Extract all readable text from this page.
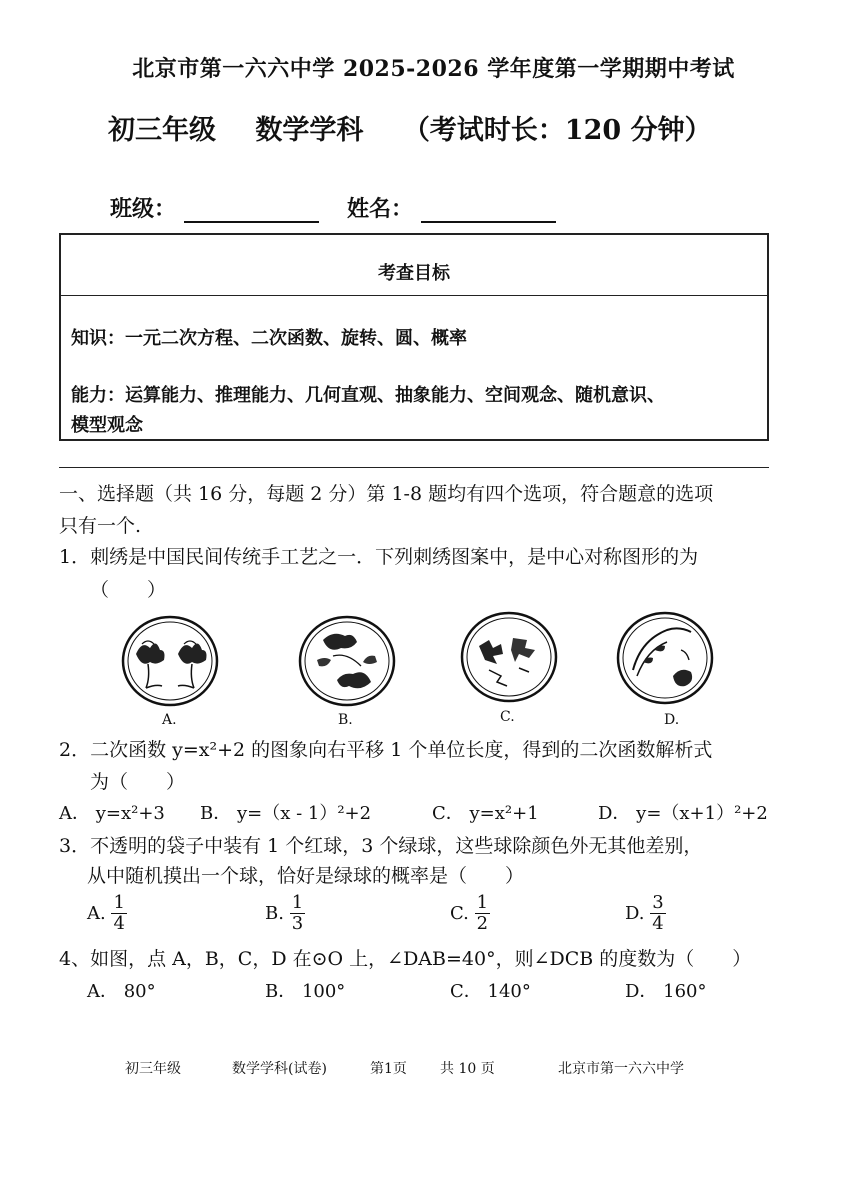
北京市第一六六中学 2025-2026 学年度第一学期期中考试
初三年级 数学学科 （考试时长：120 分钟）
班级：	姓名：
考查目标
知识：一元二次方程、二次函数、旋转、圆、概率
能力：运算能力、推理能力、几何直观、抽象能力、空间观念、随机意识、
模型观念
一、选择题（共 16 分，每题 2 分）第 1-8 题均有四个选项，符合题意的选项
只有一个.
1．刺绣是中国民间传统手工艺之一．下列刺绣图案中，是中心对称图形的为
（　　）
A.	B.	C.	D.
2．二次函数 y=x²+2 的图象向右平移 1 个单位长度，得到的二次函数解析式
为（　　）
A． y=x²+3 B． y=（x - 1）²+2	C． y=x²+1	D． y=（x+1）²+2
3．不透明的袋子中装有 1 个红球，3 个绿球，这些球除颜色外无其他差别，
从中随机摸出一个球，恰好是绿球的概率是（　　）
A. $\frac{1}{4}$	B. $\frac{1}{3}$	C. $\frac{1}{2}$	D. $\frac{3}{4}$
4、如图，点 A，B，C，D 在⊙O 上，∠DAB=40°，则∠DCB 的度数为（　　）
A． 80°	B． 100°	C． 140°	D． 160°
初三年级	数学学科(试卷)	第1页 共 10 页	北京市第一六六中学
